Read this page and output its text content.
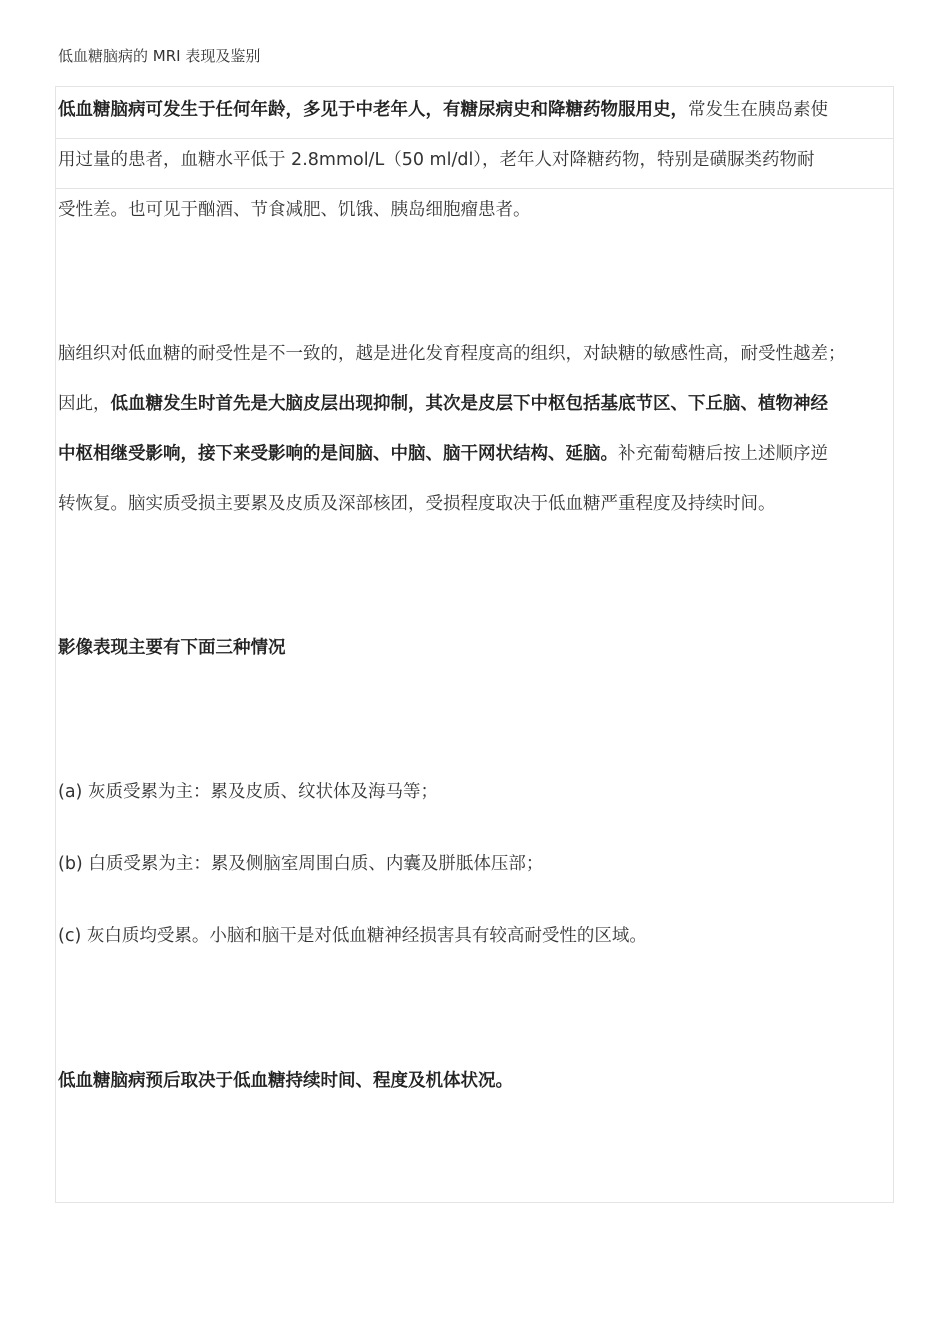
低血糖脑病的 MRI 表现及鉴别
低血糖脑病可发生于任何年龄，多见于中老年人，有糖尿病史和降糖药物服用史，常发生在胰岛素使
用过量的患者，血糖水平低于 2.8mmol/L（50 ml/dl），老年人对降糖药物，特别是磺脲类药物耐
受性差。也可见于酗酒、节食减肥、饥饿、胰岛细胞瘤患者。
脑组织对低血糖的耐受性是不一致的，越是进化发育程度高的组织，对缺糖的敏感性高，耐受性越差；
因此，低血糖发生时首先是大脑皮层出现抑制，其次是皮层下中枢包括基底节区、下丘脑、植物神经
中枢相继受影响，接下来受影响的是间脑、中脑、脑干网状结构、延脑。补充葡萄糖后按上述顺序逆
转恢复。脑实质受损主要累及皮质及深部核团，受损程度取决于低血糖严重程度及持续时间。
影像表现主要有下面三种情况
(a) 灰质受累为主：累及皮质、纹状体及海马等；
(b) 白质受累为主：累及侧脑室周围白质、内囊及胼胝体压部；
(c) 灰白质均受累。小脑和脑干是对低血糖神经损害具有较高耐受性的区域。
低血糖脑病预后取决于低血糖持续时间、程度及机体状况。
